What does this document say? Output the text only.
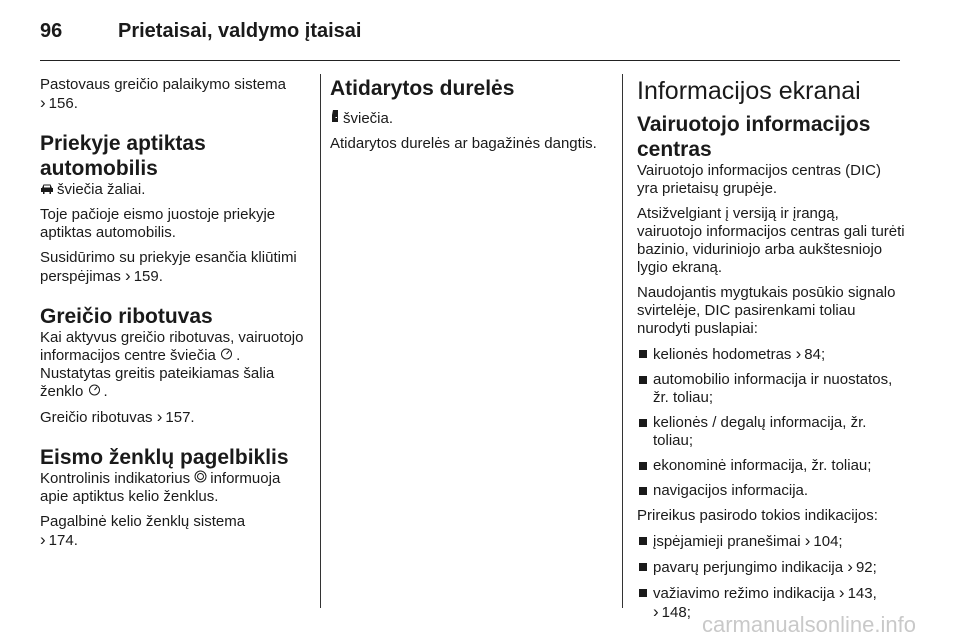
96	Prietaisai, valdymo įtaisai

Pastovaus greičio palaikymo sistema
› 156.

Priekyje aptiktas automobilis

šviečia žaliai.

Toje pačioje eismo juostoje priekyje aptiktas automobilis.

Susidūrimo su priekyje esančia kliūtimi perspėjimas › 159.

Greičio ribotuvas

Kai aktyvus greičio ribotuvas, vairuotojo informacijos centre šviečia . Nustatytas greitis pateikiamas šalia ženklo .

Greičio ribotuvas › 157.

Eismo ženklų pagelbiklis

Kontrolinis indikatorius informuoja apie aptiktus kelio ženklus.

Pagalbinė kelio ženklų sistema
› 174.

Atidarytos durelės

šviečia.

Atidarytos durelės ar bagažinės dangtis.

Informacijos ekranai
Vairuotojo informacijos centras

Vairuotojo informacijos centras (DIC) yra prietaisų grupėje.

Atsižvelgiant į versiją ir įrangą, vairuotojo informacijos centras gali turėti bazinio, viduriniojo arba aukštesniojo lygio ekraną.

Naudojantis mygtukais posūkio signalo svirtelėje, DIC pasirenkami toliau nurodyti puslapiai:

kelionės hodometras › 84;
automobilio informacija ir nuostatos, žr. toliau;
kelionės / degalų informacija, žr. toliau;
ekonominė informacija, žr. toliau;
navigacijos informacija.

Prireikus pasirodo tokios indikacijos:

įspėjamieji pranešimai › 104;
pavarų perjungimo indikacija › 92;
važiavimo režimo indikacija › 143,
› 148; carmanualsonline.info
